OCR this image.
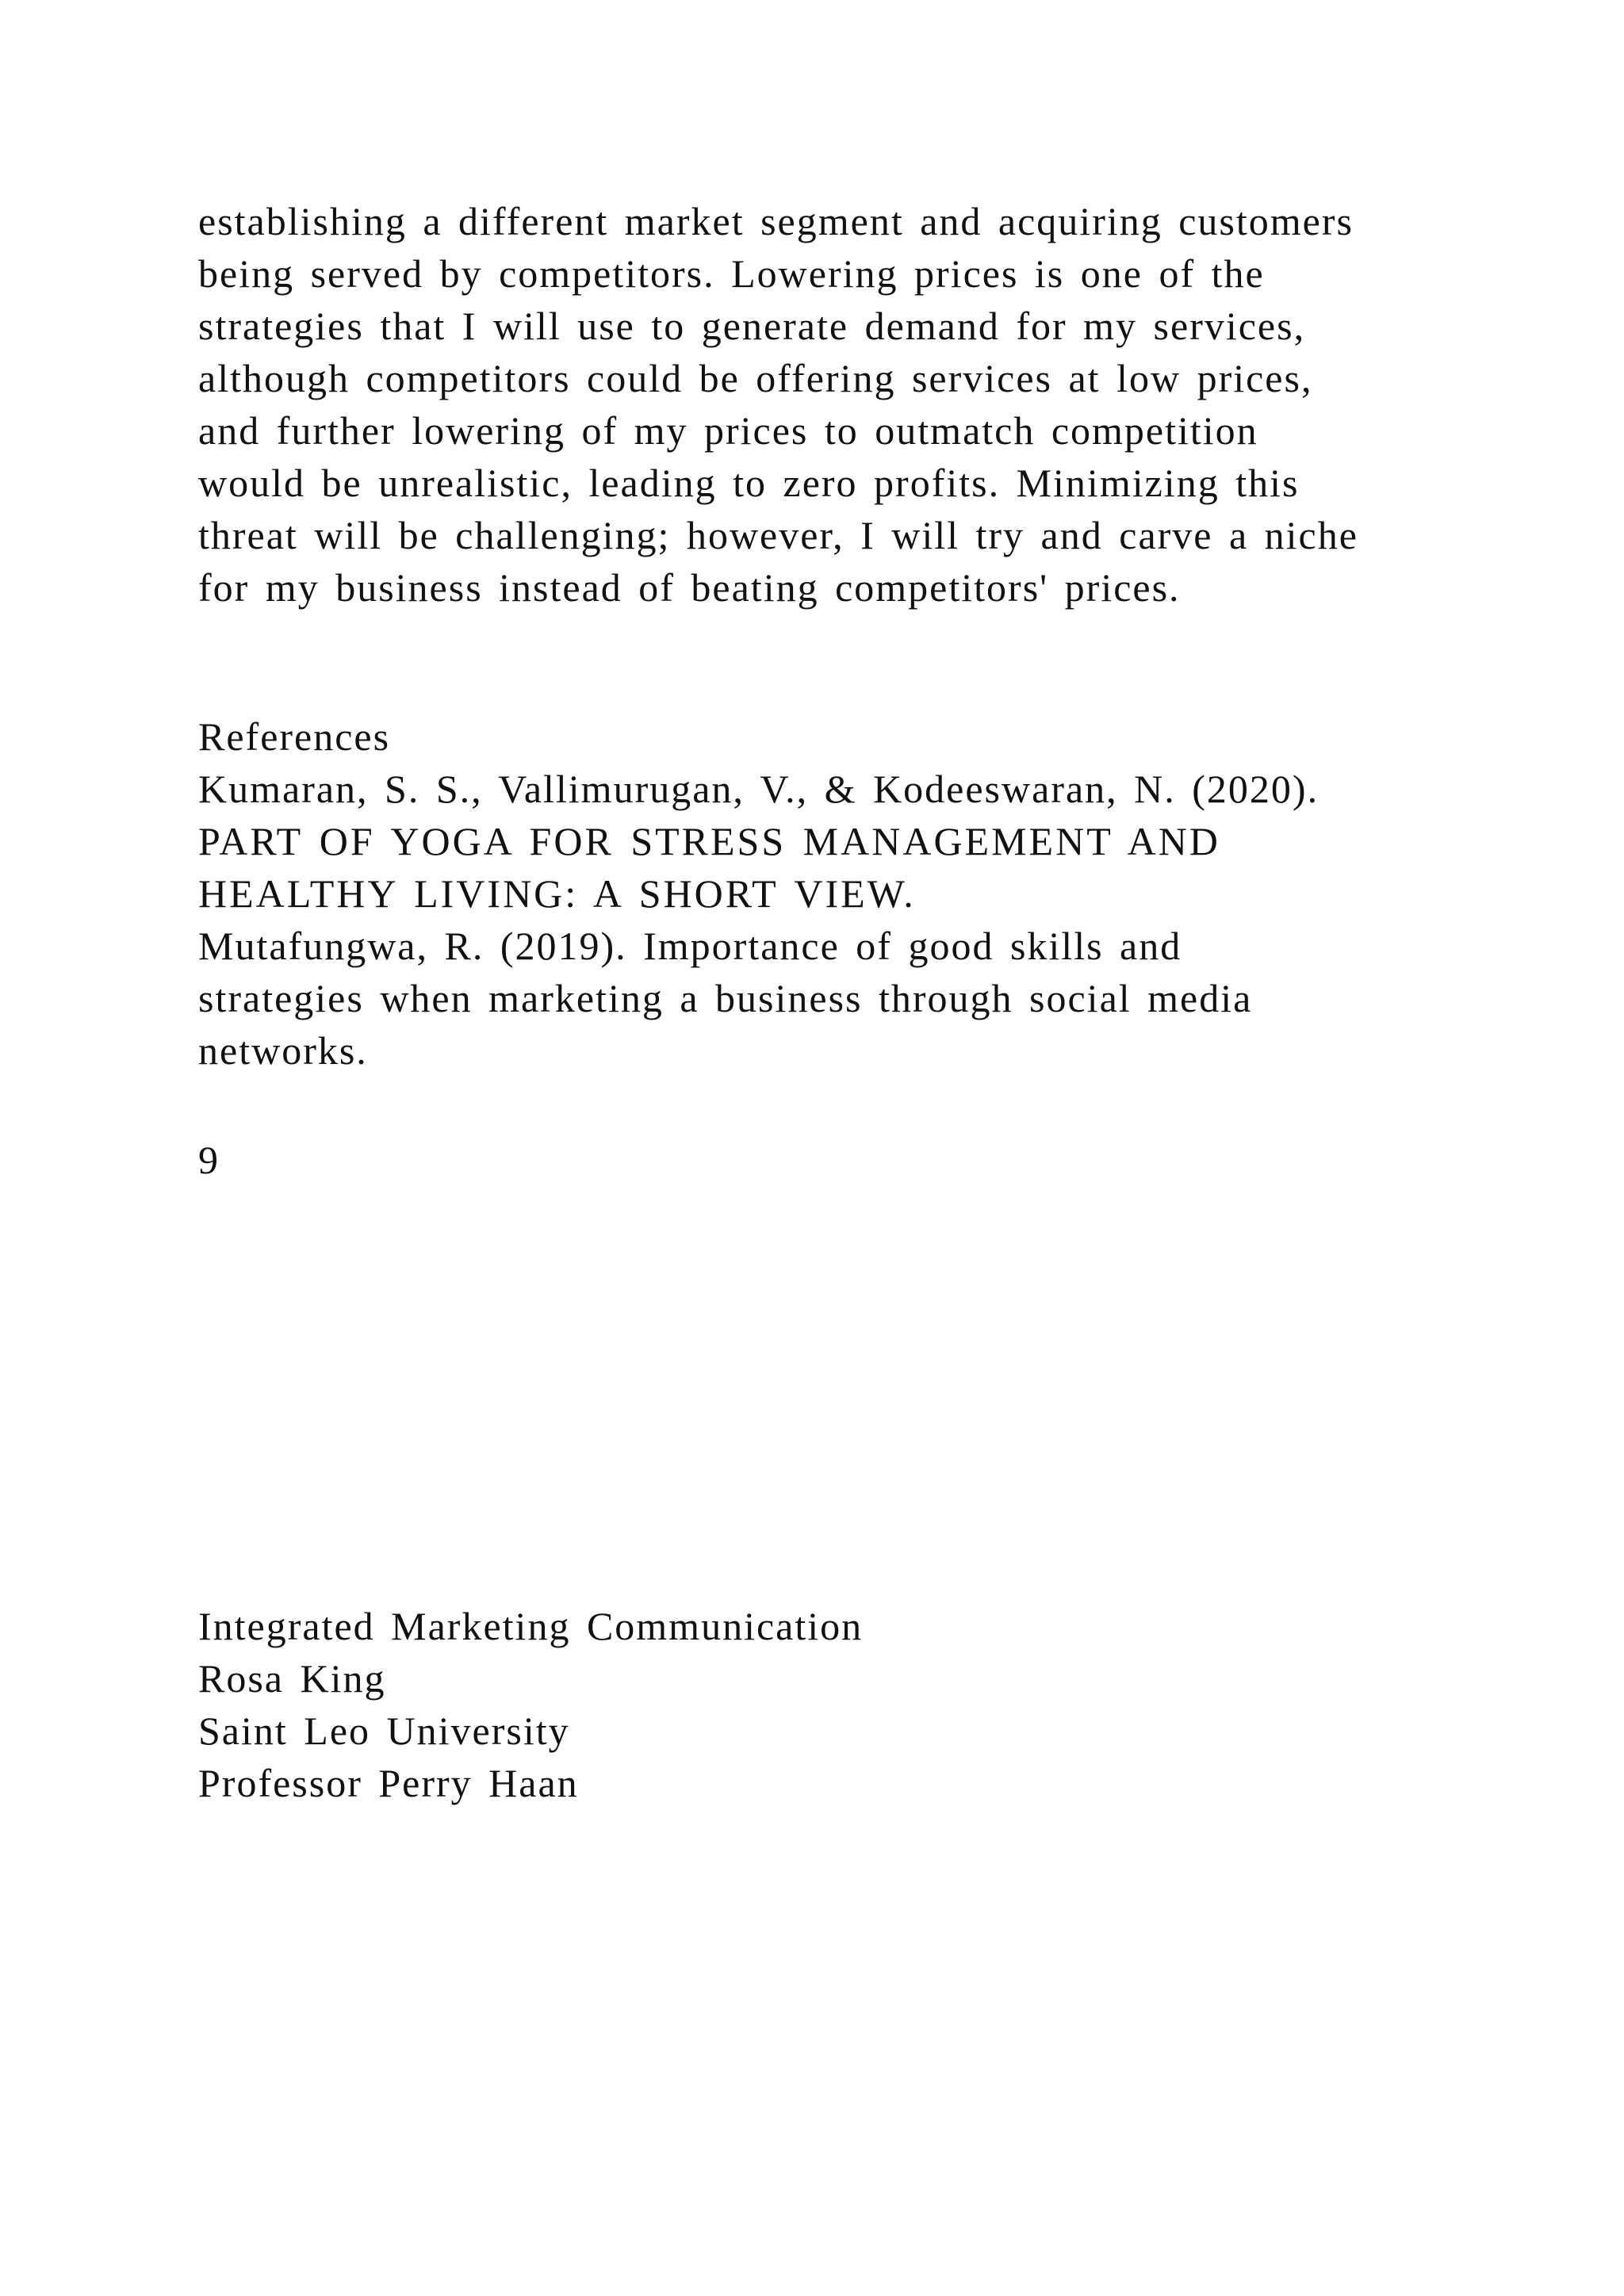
establishing a different market segment and acquiring customers
being served by competitors. Lowering prices is one of the
strategies that I will use to generate demand for my services,
although competitors could be offering services at low prices,
and further lowering of my prices to outmatch competition
would be unrealistic, leading to zero profits. Minimizing this
threat will be challenging; however, I will try and carve a niche
for my business instead of beating competitors' prices.

References
Kumaran, S. S., Vallimurugan, V., & Kodeeswaran, N. (2020).
PART OF YOGA FOR STRESS MANAGEMENT AND
HEALTHY LIVING: A SHORT VIEW.
Mutafungwa, R. (2019). Importance of good skills and
strategies when marketing a business through social media
networks.
9
Integrated Marketing Communication
Rosa King
Saint Leo University
Professor Perry Haan
